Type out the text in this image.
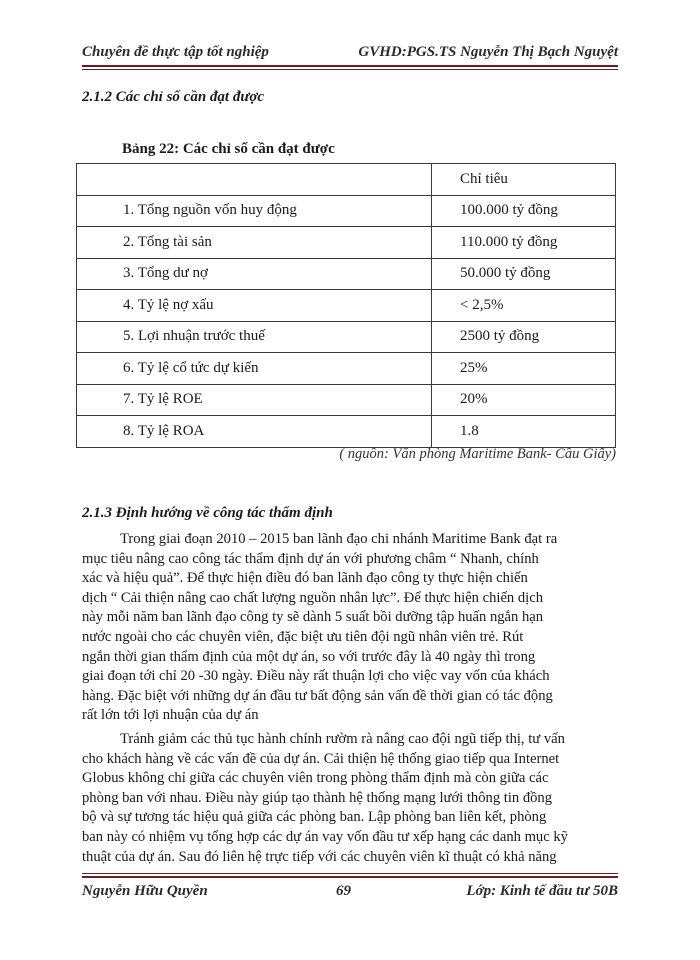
Chuyên đề thực tập tốt nghiệp	GVHD:PGS.TS Nguyễn Thị Bạch Nguyệt
2.1.2 Các chỉ số cần đạt được
Bảng 22: Các chỉ số cần đạt được
	Chỉ tiêu
1. Tổng nguồn vốn huy động	100.000 tỷ đồng
2. Tổng tài sản	110.000 tỷ đồng
3. Tổng dư nợ	50.000 tỷ đồng
4. Tỷ lệ nợ xấu	< 2,5%
5. Lợi nhuận trước thuế	2500 tỷ đồng
6. Tỷ lệ cổ tức dự kiến	25%
7. Tỷ lệ ROE	20%
8. Tỷ lệ ROA	1.8
( nguồn: Văn phòng Maritime Bank- Cầu Giấy)
2.1.3 Định hướng về công tác thẩm định
Trong giai đoạn 2010 – 2015 ban lãnh đạo chi nhánh Maritime Bank đạt ra
mục tiêu nâng cao công tác thẩm định dự án với phương châm “ Nhanh, chính
xác và hiệu quả”. Để thực hiện điều đó ban lãnh đạo công ty thực hiện chiến
dịch “ Cải thiện nâng cao chất lượng nguồn nhân lực”. Để thực hiện chiến dịch
này mỗi năm ban lãnh đạo công ty sẽ dành 5 suất bồi dưỡng tập huấn ngắn hạn
nước ngoài cho các chuyên viên, đặc biệt ưu tiên đội ngũ nhân viên trẻ. Rút
ngắn thời gian thẩm định của một dự án, so với trước đây là 40 ngày thì trong
giai đoạn tới chỉ 20 -30 ngày. Điều này rất thuận lợi cho việc vay vốn của khách
hàng. Đặc biệt với những dự án đầu tư bất động sản vấn đề thời gian có tác động
rất lớn tới lợi nhuận của dự án
Tránh giảm các thủ tục hành chính rườm rà nâng cao đội ngũ tiếp thị, tư vấn
cho khách hàng về các vấn đề của dự án. Cải thiện hệ thống giao tiếp qua Internet
Globus không chỉ giữa các chuyên viên trong phòng thẩm định mà còn giữa các
phòng ban với nhau. Điều này giúp tạo thành hệ thống mạng lưới thông tin đồng
bộ và sự tương tác hiệu quả giữa các phòng ban. Lập phòng ban liên kết, phòng
ban này có nhiệm vụ tổng hợp các dự án vay vốn đầu tư xếp hạng các danh mục kỹ
thuật của dự án. Sau đó liên hệ trực tiếp với các chuyên viên kĩ thuật có khả năng
Nguyễn Hữu Quyền	69	Lớp: Kinh tế đầu tư 50B
